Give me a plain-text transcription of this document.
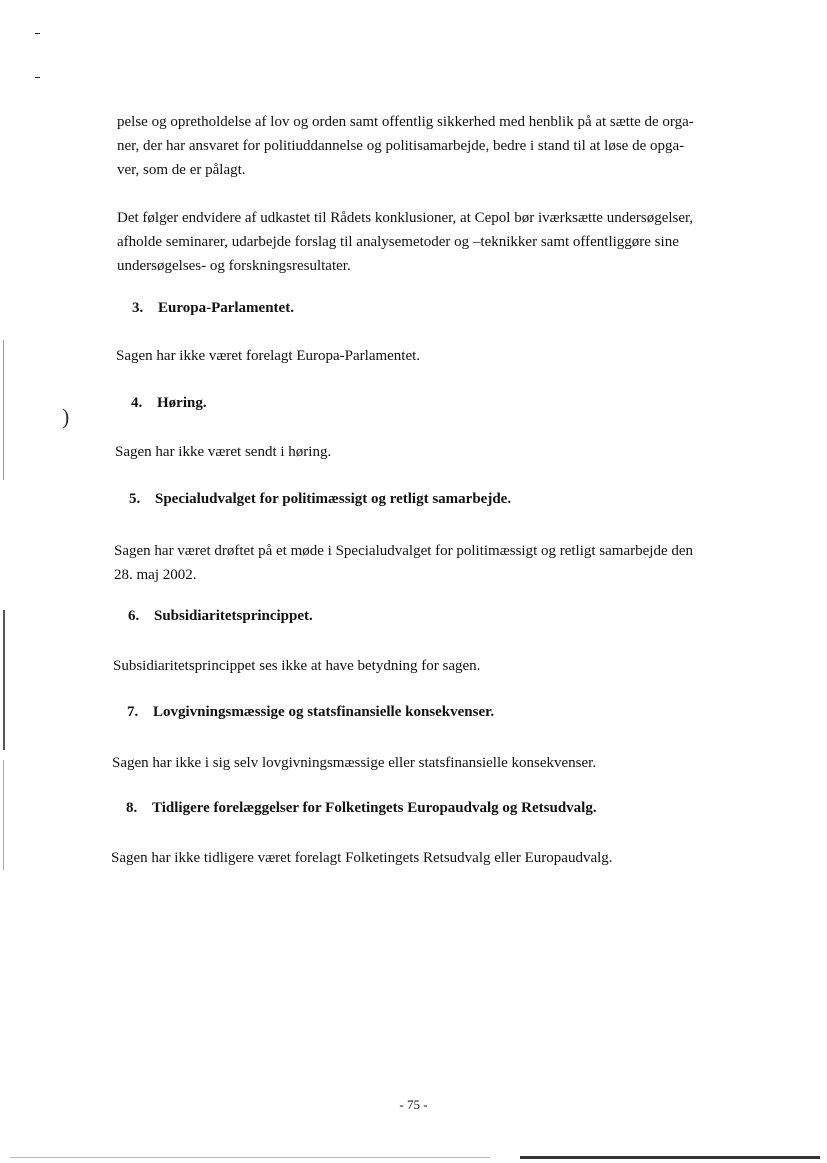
)

pelse og opretholdelse af lov og orden samt offentlig sikkerhed med henblik på at sætte de orga-
ner, der har ansvaret for politiuddannelse og politisamarbejde, bedre i stand til at løse de opga-
ver, som de er pålagt.

Det følger endvidere af udkastet til Rådets konklusioner, at Cepol bør iværksætte undersøgelser,
afholde seminarer, udarbejde forslag til analysemetoder og –teknikker samt offentliggøre sine
undersøgelses- og forskningsresultater.

3. Europa-Parlamentet.

Sagen har ikke været forelagt Europa-Parlamentet.

4. Høring.

Sagen har ikke været sendt i høring.

5. Specialudvalget for politimæssigt og retligt samarbejde.

Sagen har været drøftet på et møde i Specialudvalget for politimæssigt og retligt samarbejde den
28. maj 2002.

6. Subsidiaritetsprincippet.

Subsidiaritetsprincippet ses ikke at have betydning for sagen.

7. Lovgivningsmæssige og statsfinansielle konsekvenser.

Sagen har ikke i sig selv lovgivningsmæssige eller statsfinansielle konsekvenser.

8. Tidligere forelæggelser for Folketingets Europaudvalg og Retsudvalg.

Sagen har ikke tidligere været forelagt Folketingets Retsudvalg eller Europaudvalg.

- 75 -
